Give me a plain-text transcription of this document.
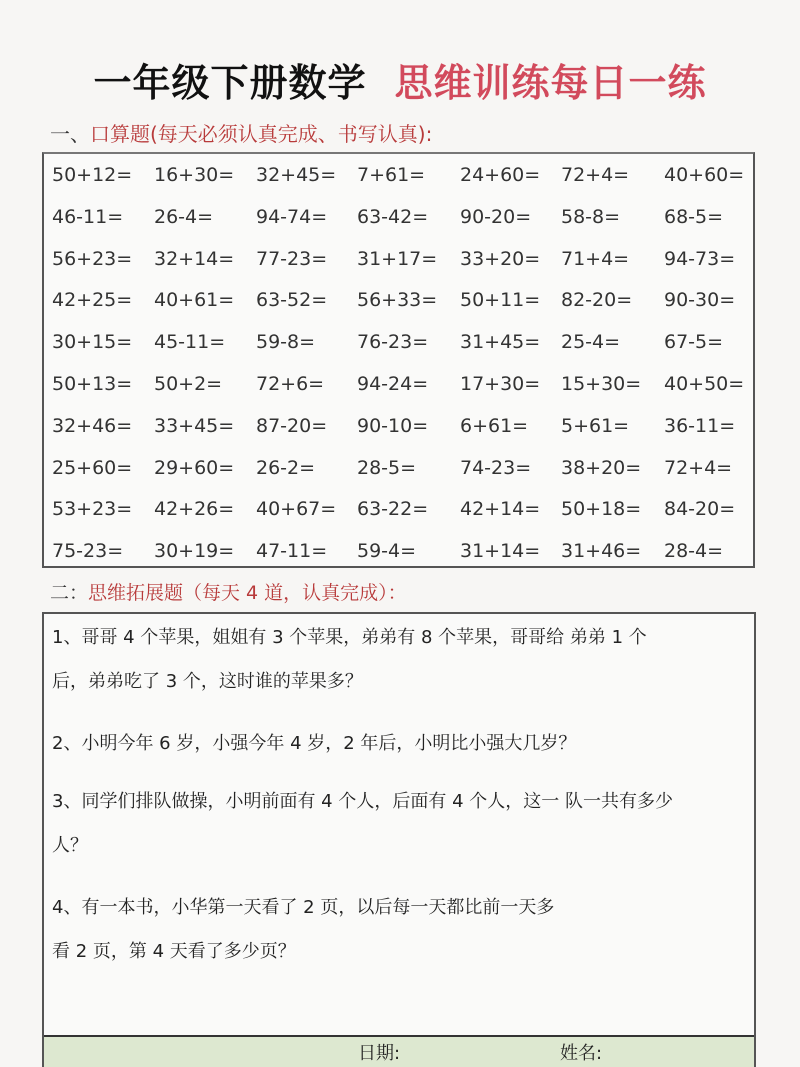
一年级下册数学 思维训练每日一练
一、口算题(每天必须认真完成、书写认真):
50+12=	16+30=	32+45=	7+61=	24+60=	72+4=	40+60=
46-11=	26-4=	94-74=	63-42=	90-20=	58-8=	68-5=
56+23=	32+14=	77-23=	31+17=	33+20=	71+4=	94-73=
42+25=	40+61=	63-52=	56+33=	50+11=	82-20=	90-30=
30+15=	45-11=	59-8=	76-23=	31+45=	25-4=	67-5=
50+13=	50+2=	72+6=	94-24=	17+30=	15+30=	40+50=
32+46=	33+45=	87-20=	90-10=	6+61=	5+61=	36-11=
25+60=	29+60=	26-2=	28-5=	74-23=	38+20=	72+4=
53+23=	42+26=	40+67=	63-22=	42+14=	50+18=	84-20=
75-23=	30+19=	47-11=	59-4=	31+14=	31+46=	28-4=
二：思维拓展题（每天 4 道，认真完成）：
1、哥哥 4 个苹果，姐姐有 3 个苹果，弟弟有 8 个苹果，哥哥给 弟弟 1 个
后，弟弟吃了 3 个，这时谁的苹果多？
2、小明今年 6 岁，小强今年 4 岁，2 年后，小明比小强大几岁？
3、同学们排队做操，小明前面有 4 个人，后面有 4 个人，这一 队一共有多少
人？
4、有一本书，小华第一天看了 2 页，以后每一天都比前一天多
看 2 页，第 4 天看了多少页？
日期:	姓名:
